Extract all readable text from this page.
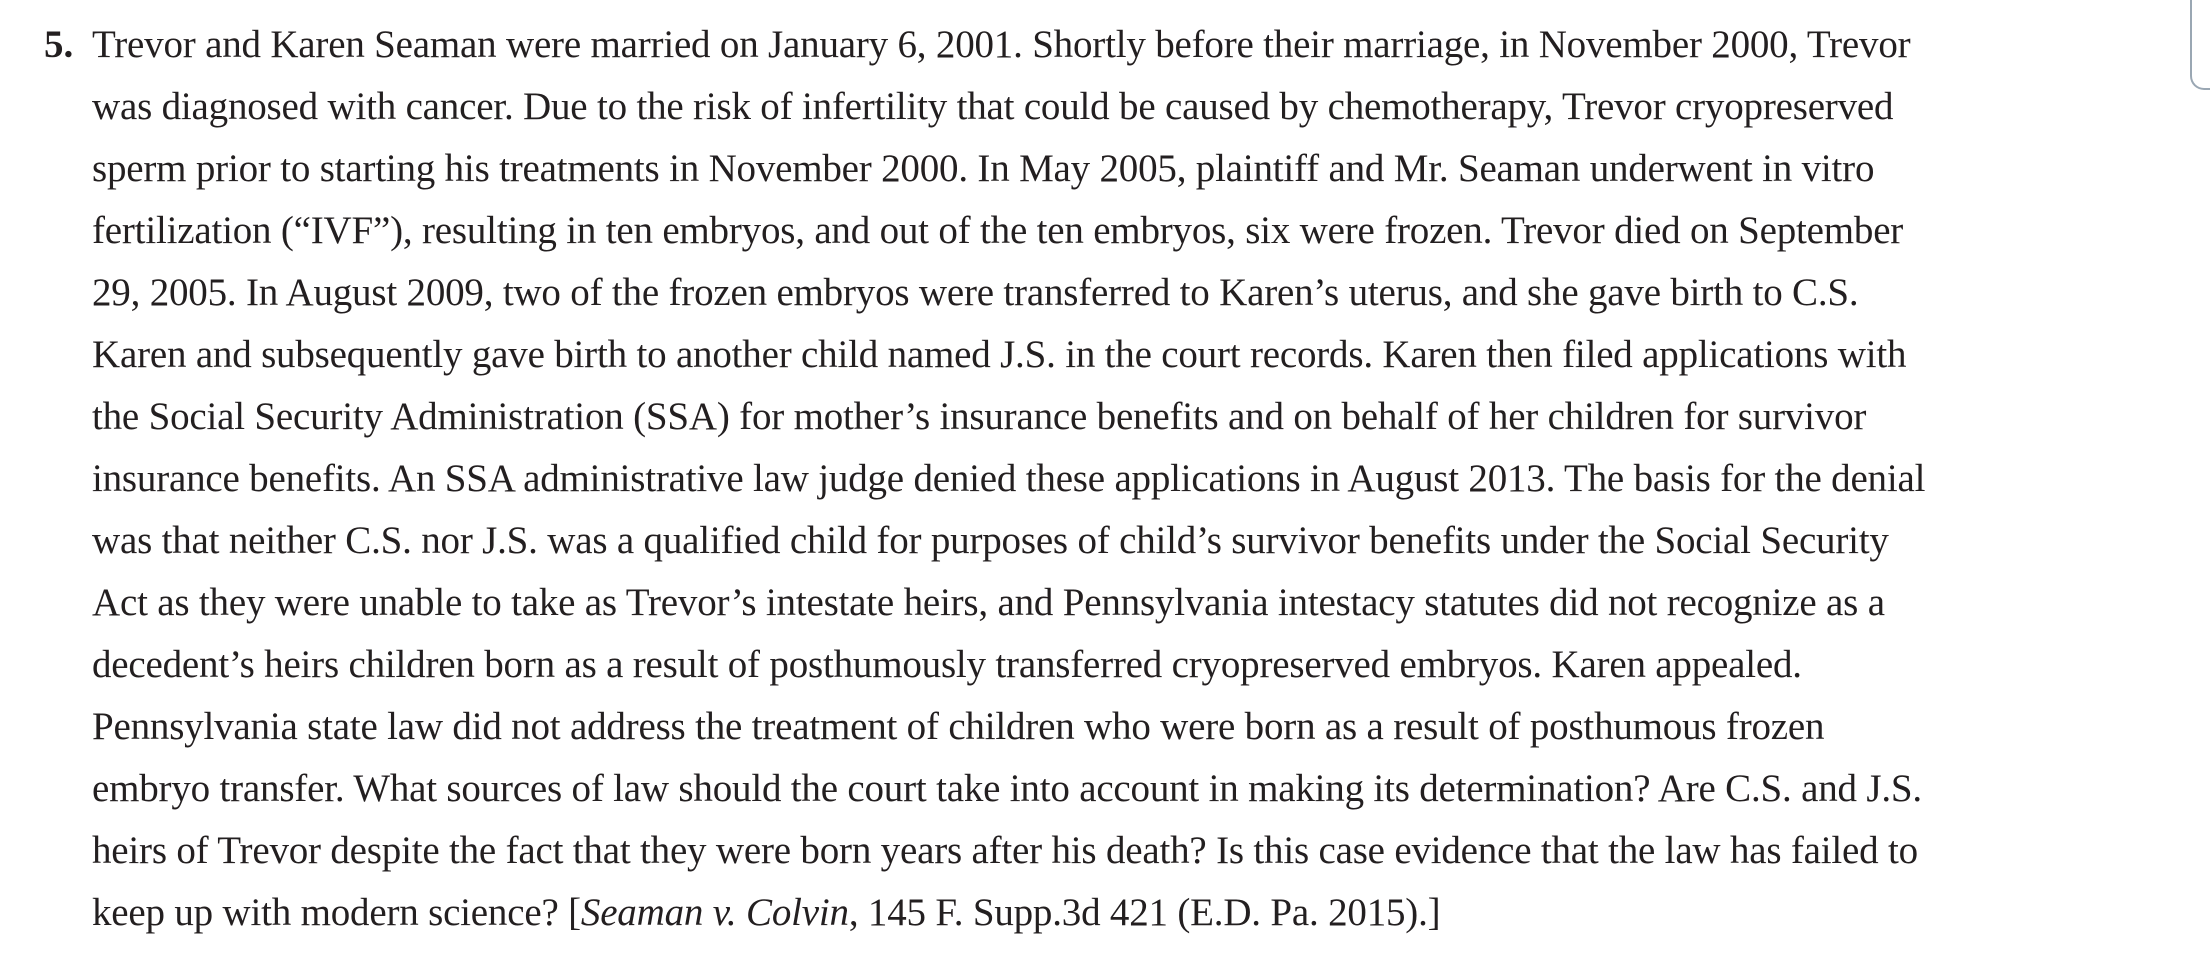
5. Trevor and Karen Seaman were married on January 6, 2001. Shortly before their marriage, in November 2000, Trevor
was diagnosed with cancer. Due to the risk of infertility that could be caused by chemotherapy, Trevor cryopreserved
sperm prior to starting his treatments in November 2000. In May 2005, plaintiff and Mr. Seaman underwent in vitro
fertilization (“IVF”), resulting in ten embryos, and out of the ten embryos, six were frozen. Trevor died on September
29, 2005. In August 2009, two of the frozen embryos were transferred to Karen’s uterus, and she gave birth to C.S.
Karen and subsequently gave birth to another child named J.S. in the court records. Karen then filed applications with
the Social Security Administration (SSA) for mother’s insurance benefits and on behalf of her children for survivor
insurance benefits. An SSA administrative law judge denied these applications in August 2013. The basis for the denial
was that neither C.S. nor J.S. was a qualified child for purposes of child’s survivor benefits under the Social Security
Act as they were unable to take as Trevor’s intestate heirs, and Pennsylvania intestacy statutes did not recognize as a
decedent’s heirs children born as a result of posthumously transferred cryopreserved embryos. Karen appealed.
Pennsylvania state law did not address the treatment of children who were born as a result of posthumous frozen
embryo transfer. What sources of law should the court take into account in making its determination? Are C.S. and J.S.
heirs of Trevor despite the fact that they were born years after his death? Is this case evidence that the law has failed to
keep up with modern science? [Seaman v. Colvin, 145 F. Supp.3d 421 (E.D. Pa. 2015).]
